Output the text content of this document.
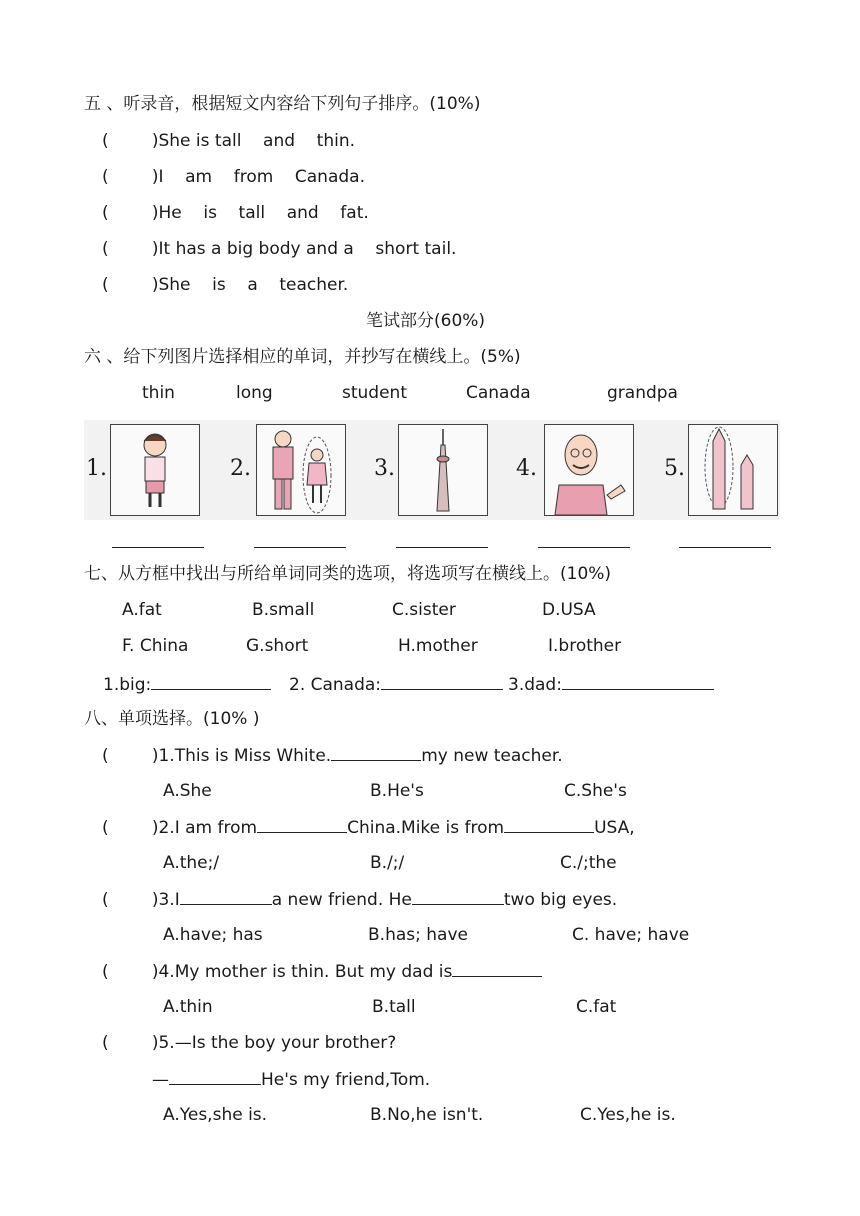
五 、听录音，根据短文内容给下列句子排序。(10%)
(        )She is tall    and    thin.
(        )I    am    from    Canada.
(        )He    is    tall    and    fat.
(        )It has a big body and a    short tail.
(        )She    is    a    teacher.
笔试部分(60%)
六 、给下列图片选择相应的单词，并抄写在横线上。(5%)
thin	long	student	Canada	grandpa
1.	2.	3.	4.	5.
七、从方框中找出与所给单词同类的选项，将选项写在横线上。(10%)
A.fat	B.small	C.sister	D.USA
F. China	G.short	H.mother	I.brother
1.big:	2. Canada:	3.dad:
八、单项选择。(10% )
(        )1.This is Miss White.	my new teacher.
A.She	B.He's	C.She's
(        )2.I am from	China.Mike is from	USA,
A.the;/	B./;/	C./;the
(        )3.I	a new friend. He	two big eyes.
A.have; has	B.has; have	C. have; have
(        )4.My mother is thin. But my dad is
A.thin	B.tall	C.fat
(        )5.—Is the boy your brother?
—	He's my friend,Tom.
A.Yes,she is.	B.No,he isn't.	C.Yes,he is.
